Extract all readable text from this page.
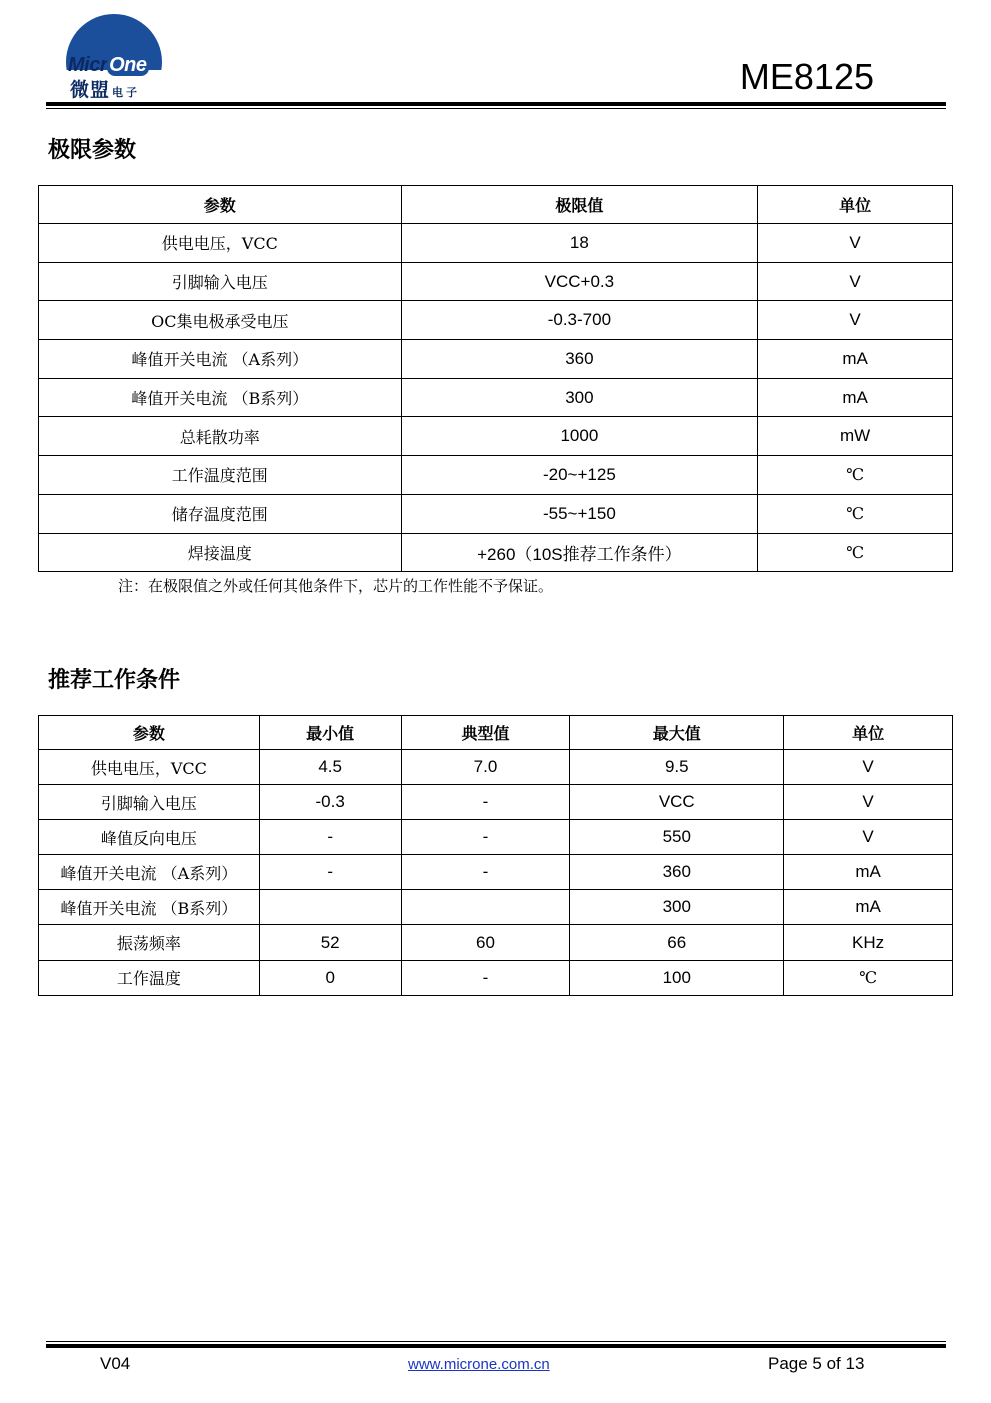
Micr One
微盟 电子	ME8125
极限参数
参数	极限值	单位
供电电压，VCC	18	V
引脚输入电压	VCC+0.3	V
OC集电极承受电压	-0.3-700	V
峰值开关电流 （A系列）	360	mA
峰值开关电流 （B系列）	300	mA
总耗散功率	1000	mW
工作温度范围	-20~+125	℃
储存温度范围	-55~+150	℃
焊接温度	+260（10S推荐工作条件）	℃
注：在极限值之外或任何其他条件下，芯片的工作性能不予保证。
推荐工作条件
参数	最小值	典型值	最大值	单位
供电电压，VCC	4.5	7.0	9.5	V
引脚输入电压	-0.3	-	VCC	V
峰值反向电压	-	-	550	V
峰值开关电流 （A系列）	-	-	360	mA
峰值开关电流 （B系列）			300	mA
振荡频率	52	60	66	KHz
工作温度	0	-	100	℃
V04	www.microne.com.cn	Page 5 of 13
